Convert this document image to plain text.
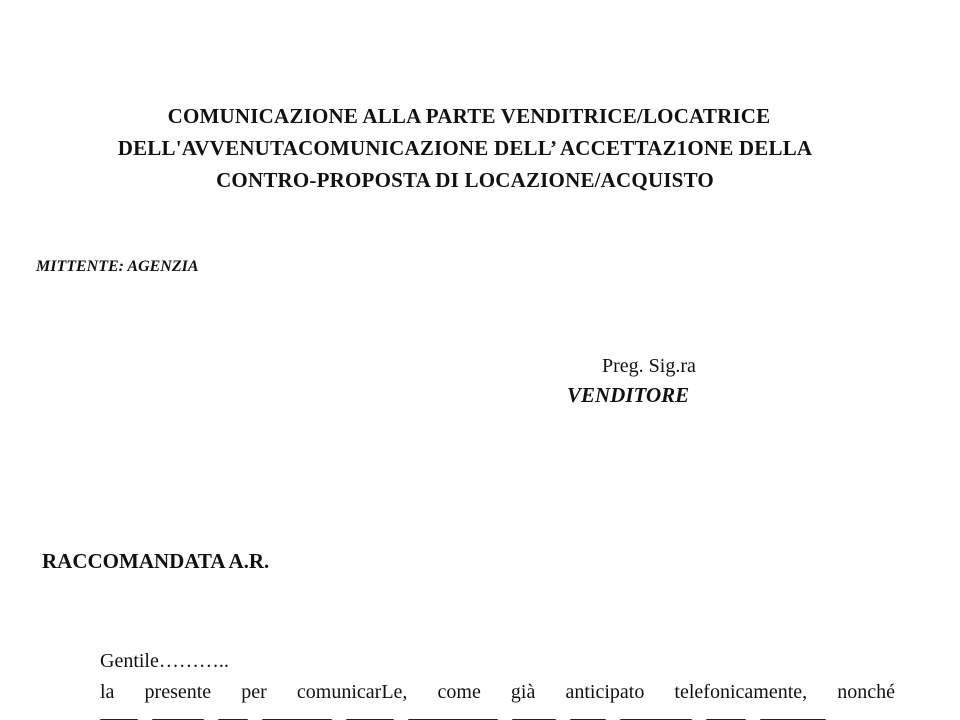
COMUNICAZIONE ALLA PARTE VENDITRICE/LOCATRICE
DELL'AVVENUTACOMUNICAZIONE DELL’ ACCETTAZ1ONE DELLA
CONTRO-PROPOSTA DI LOCAZIONE/ACQUISTO
MITTENTE: AGENZIA
Preg. Sig.ra
VENDITORE
RACCOMANDATA A.R.
Gentile………..
la presente per comunicarLe, come già anticipato telefonicamente, nonché
